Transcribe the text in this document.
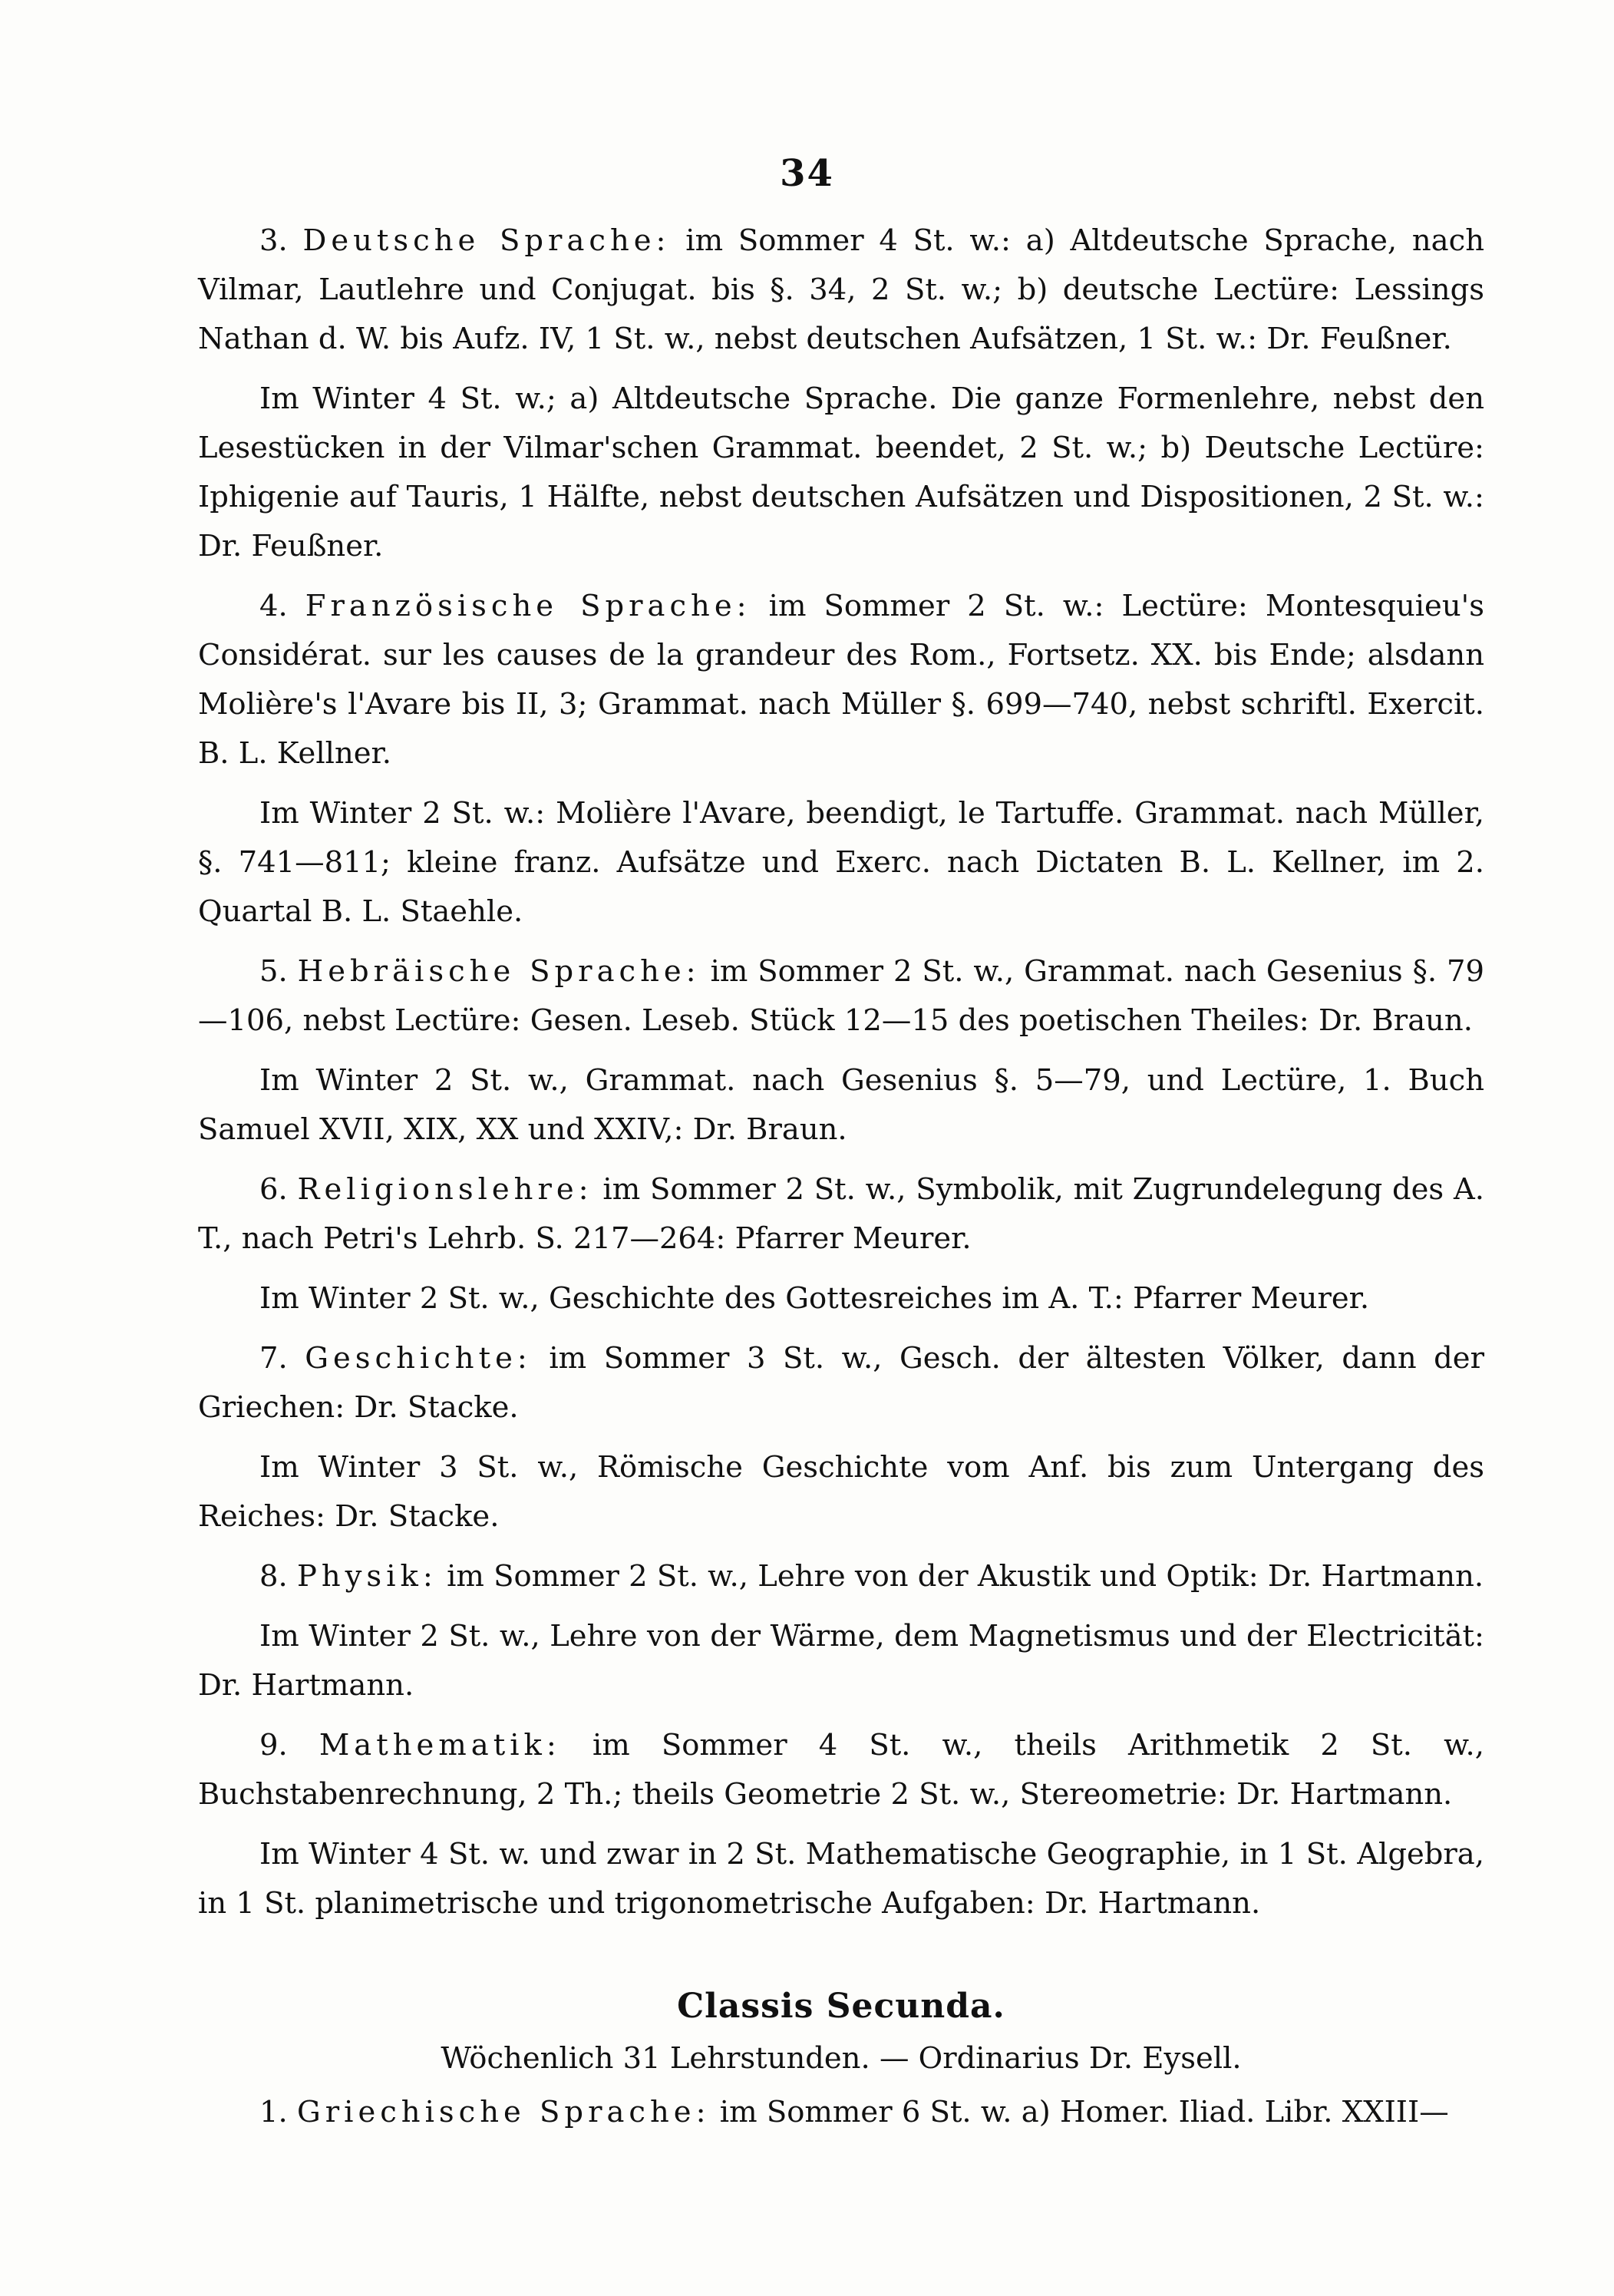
34

3. Deutsche Sprache: im Sommer 4 St. w.: a) Altdeutsche Sprache, nach Vilmar, Lautlehre und Conjugat. bis §. 34, 2 St. w.; b) deutsche Lectüre: Lessings Nathan d. W. bis Aufz. IV, 1 St. w., nebst deutschen Aufsätzen, 1 St. w.: Dr. Feußner.

Im Winter 4 St. w.; a) Altdeutsche Sprache. Die ganze Formenlehre, nebst den Lesestücken in der Vilmar'schen Grammat. beendet, 2 St. w.; b) Deutsche Lectüre: Iphigenie auf Tauris, 1 Hälfte, nebst deutschen Aufsätzen und Dispositionen, 2 St. w.: Dr. Feußner.

4. Französische Sprache: im Sommer 2 St. w.: Lectüre: Montesquieu's Considérat. sur les causes de la grandeur des Rom., Fortsetz. XX. bis Ende; alsdann Molière's l'Avare bis II, 3; Grammat. nach Müller §. 699—740, nebst schriftl. Exercit. B. L. Kellner.

Im Winter 2 St. w.: Molière l'Avare, beendigt, le Tartuffe. Grammat. nach Müller, §. 741—811; kleine franz. Aufsätze und Exerc. nach Dictaten B. L. Kellner, im 2. Quartal B. L. Staehle.

5. Hebräische Sprache: im Sommer 2 St. w., Grammat. nach Gesenius §. 79—106, nebst Lectüre: Gesen. Leseb. Stück 12—15 des poetischen Theiles: Dr. Braun.

Im Winter 2 St. w., Grammat. nach Gesenius §. 5—79, und Lectüre, 1. Buch Samuel XVII, XIX, XX und XXIV,: Dr. Braun.

6. Religionslehre: im Sommer 2 St. w., Symbolik, mit Zugrundelegung des A. T., nach Petri's Lehrb. S. 217—264: Pfarrer Meurer.

Im Winter 2 St. w., Geschichte des Gottesreiches im A. T.: Pfarrer Meurer.

7. Geschichte: im Sommer 3 St. w., Gesch. der ältesten Völker, dann der Griechen: Dr. Stacke.

Im Winter 3 St. w., Römische Geschichte vom Anf. bis zum Untergang des Reiches: Dr. Stacke.

8. Physik: im Sommer 2 St. w., Lehre von der Akustik und Optik: Dr. Hartmann.

Im Winter 2 St. w., Lehre von der Wärme, dem Magnetismus und der Electricität: Dr. Hartmann.

9. Mathematik: im Sommer 4 St. w., theils Arithmetik 2 St. w., Buchstabenrechnung, 2 Th.; theils Geometrie 2 St. w., Stereometrie: Dr. Hartmann.

Im Winter 4 St. w. und zwar in 2 St. Mathematische Geographie, in 1 St. Algebra, in 1 St. planimetrische und trigonometrische Aufgaben: Dr. Hartmann.

Classis Secunda.
Wöchenlich 31 Lehrstunden. — Ordinarius Dr. Eysell.

1. Griechische Sprache: im Sommer 6 St. w. a) Homer. Iliad. Libr. XXIII—
